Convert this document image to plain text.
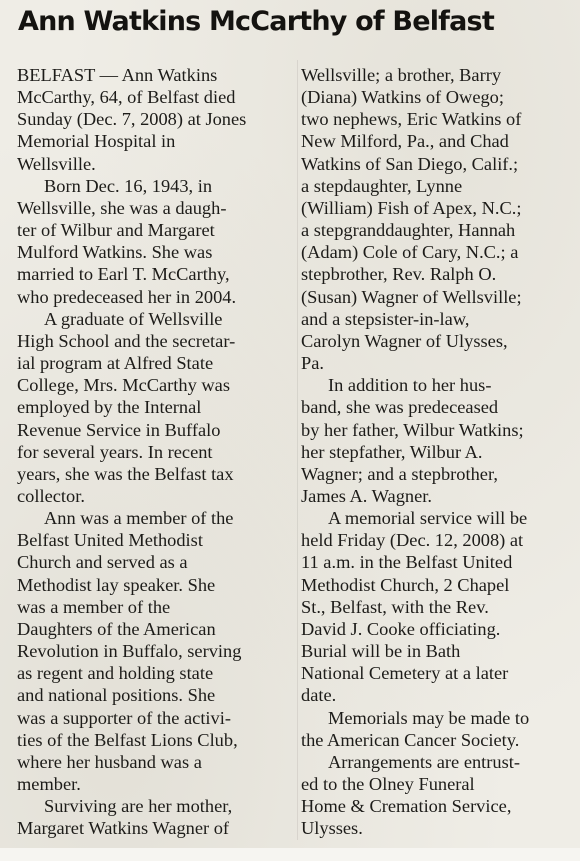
Ann Watkins McCarthy of Belfast
BELFAST — Ann Watkins
McCarthy, 64, of Belfast died
Sunday (Dec. 7, 2008) at Jones
Memorial Hospital in
Wellsville.
Born Dec. 16, 1943, in
Wellsville, she was a daugh-
ter of Wilbur and Margaret
Mulford Watkins. She was
married to Earl T. McCarthy,
who predeceased her in 2004.
A graduate of Wellsville
High School and the secretar-
ial program at Alfred State
College, Mrs. McCarthy was
employed by the Internal
Revenue Service in Buffalo
for several years. In recent
years, she was the Belfast tax
collector.
Ann was a member of the
Belfast United Methodist
Church and served as a
Methodist lay speaker. She
was a member of the
Daughters of the American
Revolution in Buffalo, serving
as regent and holding state
and national positions. She
was a supporter of the activi-
ties of the Belfast Lions Club,
where her husband was a
member.
Surviving are her mother,
Margaret Watkins Wagner of
Wellsville; a brother, Barry
(Diana) Watkins of Owego;
two nephews, Eric Watkins of
New Milford, Pa., and Chad
Watkins of San Diego, Calif.;
a stepdaughter, Lynne
(William) Fish of Apex, N.C.;
a stepgranddaughter, Hannah
(Adam) Cole of Cary, N.C.; a
stepbrother, Rev. Ralph O.
(Susan) Wagner of Wellsville;
and a stepsister-in-law,
Carolyn Wagner of Ulysses,
Pa.
In addition to her hus-
band, she was predeceased
by her father, Wilbur Watkins;
her stepfather, Wilbur A.
Wagner; and a stepbrother,
James A. Wagner.
A memorial service will be
held Friday (Dec. 12, 2008) at
11 a.m. in the Belfast United
Methodist Church, 2 Chapel
St., Belfast, with the Rev.
David J. Cooke officiating.
Burial will be in Bath
National Cemetery at a later
date.
Memorials may be made to
the American Cancer Society.
Arrangements are entrust-
ed to the Olney Funeral
Home & Cremation Service,
Ulysses.
